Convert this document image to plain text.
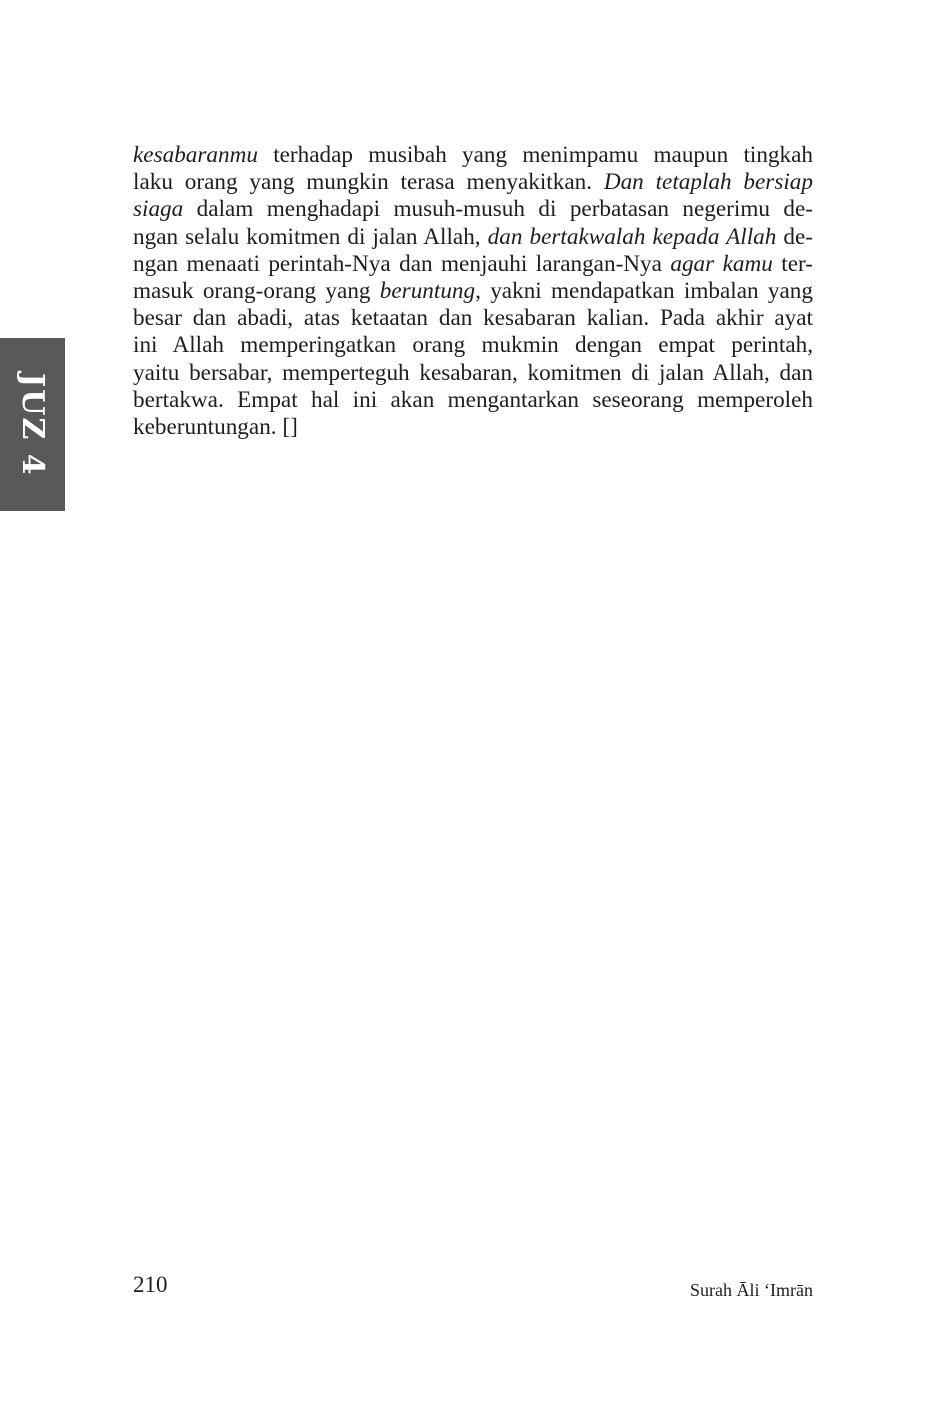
JUZ 4
kesabaranmu terhadap musibah yang menimpamu maupun tingkah
laku orang yang mungkin terasa menyakitkan. Dan tetaplah bersiap
siaga dalam menghadapi musuh-musuh di perbatasan negerimu de-
ngan selalu komitmen di jalan Allah, dan bertakwalah kepada Allah de-
ngan menaati perintah-Nya dan menjauhi larangan-Nya agar kamu ter-
masuk orang-orang yang beruntung, yakni mendapatkan imbalan yang
besar dan abadi, atas ketaatan dan kesabaran kalian. Pada akhir ayat
ini Allah memperingatkan orang mukmin dengan empat perintah,
yaitu bersabar, memperteguh kesabaran, komitmen di jalan Allah, dan
bertakwa. Empat hal ini akan mengantarkan seseorang memperoleh
keberuntungan. []
210	Surah Āli ‘Imrān
